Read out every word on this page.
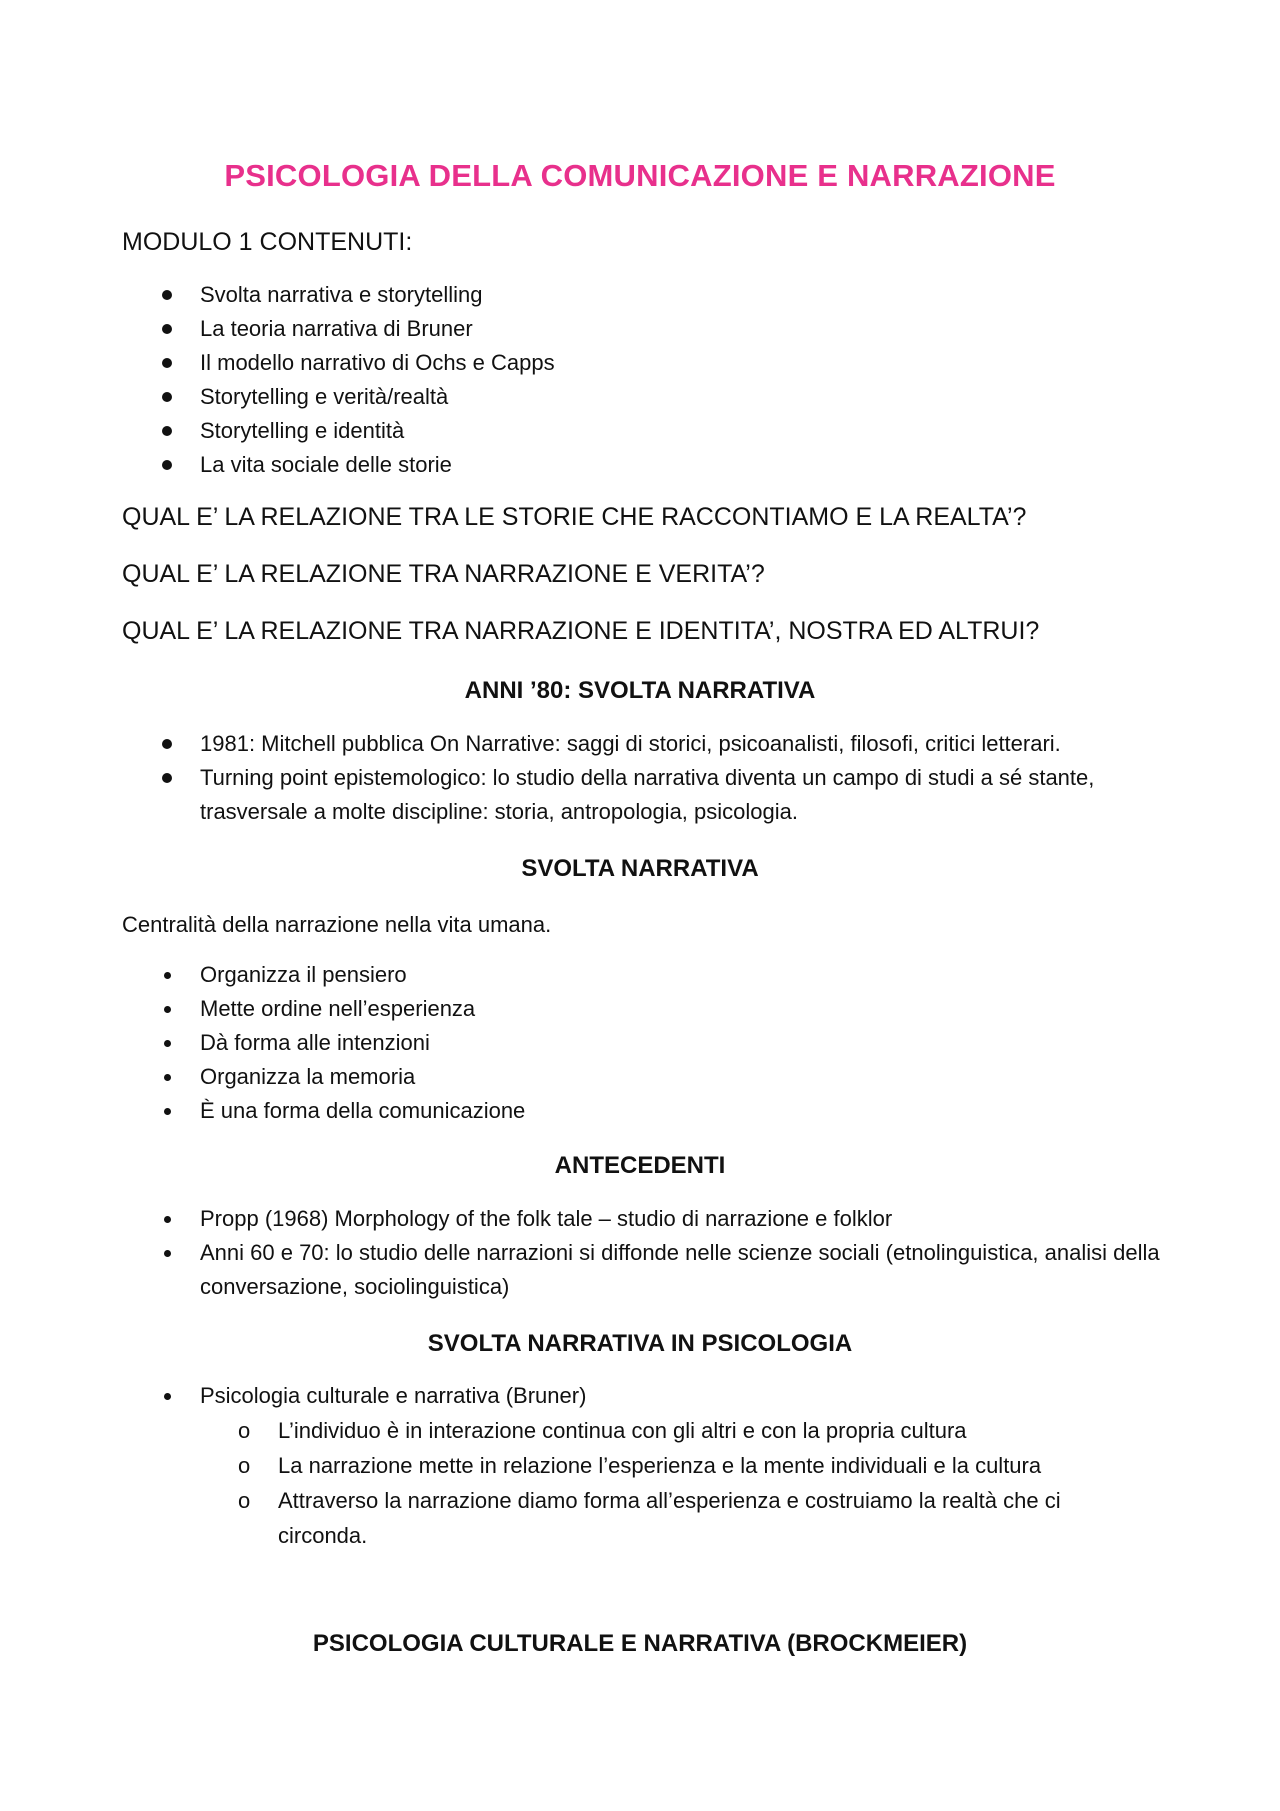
PSICOLOGIA DELLA COMUNICAZIONE E NARRAZIONE
MODULO 1 CONTENUTI:
Svolta narrativa e storytelling
La teoria narrativa di Bruner
Il modello narrativo di Ochs e Capps
Storytelling e verità/realtà
Storytelling e identità
La vita sociale delle storie
QUAL E’ LA RELAZIONE TRA LE STORIE CHE RACCONTIAMO E LA REALTA’?
QUAL E’ LA RELAZIONE TRA NARRAZIONE E VERITA’?
QUAL E’ LA RELAZIONE TRA NARRAZIONE E IDENTITA’, NOSTRA ED ALTRUI?
ANNI ’80: SVOLTA NARRATIVA
1981: Mitchell pubblica On Narrative: saggi di storici, psicoanalisti, filosofi, critici letterari.
Turning point epistemologico: lo studio della narrativa diventa un campo di studi a sé stante, trasversale a molte discipline: storia, antropologia, psicologia.
SVOLTA NARRATIVA
Centralità della narrazione nella vita umana.
Organizza il pensiero
Mette ordine nell’esperienza
Dà forma alle intenzioni
Organizza la memoria
È una forma della comunicazione
ANTECEDENTI
Propp (1968) Morphology of the folk tale – studio di narrazione e folklor
Anni 60 e 70: lo studio delle narrazioni si diffonde nelle scienze sociali (etnolinguistica, analisi della conversazione, sociolinguistica)
SVOLTA NARRATIVA IN PSICOLOGIA
Psicologia culturale e narrativa (Bruner)
o L’individuo è in interazione continua con gli altri e con la propria cultura
o La narrazione mette in relazione l’esperienza e la mente individuali e la cultura
o Attraverso la narrazione diamo forma all’esperienza e costruiamo la realtà che ci circonda.
PSICOLOGIA CULTURALE E NARRATIVA (BROCKMEIER)
